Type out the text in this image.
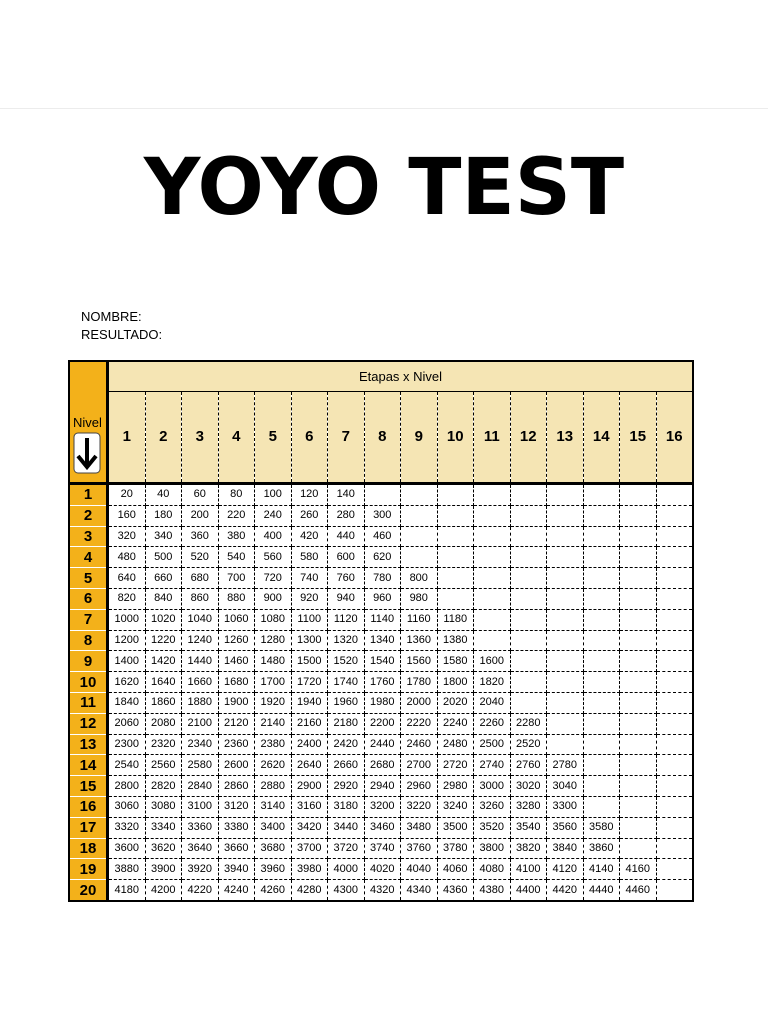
YOYO TEST
NOMBRE:
RESULTADO:
Nivel	Etapas x Nivel															
	1	2	3	4	5	6	7	8	9	10	11	12	13	14	15	16
1	20	40	60	80	100	120	140									
2	160	180	200	220	240	260	280	300								
3	320	340	360	380	400	420	440	460								
4	480	500	520	540	560	580	600	620								
5	640	660	680	700	720	740	760	780	800							
6	820	840	860	880	900	920	940	960	980							
7	1000	1020	1040	1060	1080	1100	1120	1140	1160	1180						
8	1200	1220	1240	1260	1280	1300	1320	1340	1360	1380						
9	1400	1420	1440	1460	1480	1500	1520	1540	1560	1580	1600					
10	1620	1640	1660	1680	1700	1720	1740	1760	1780	1800	1820					
11	1840	1860	1880	1900	1920	1940	1960	1980	2000	2020	2040					
12	2060	2080	2100	2120	2140	2160	2180	2200	2220	2240	2260	2280				
13	2300	2320	2340	2360	2380	2400	2420	2440	2460	2480	2500	2520				
14	2540	2560	2580	2600	2620	2640	2660	2680	2700	2720	2740	2760	2780			
15	2800	2820	2840	2860	2880	2900	2920	2940	2960	2980	3000	3020	3040			
16	3060	3080	3100	3120	3140	3160	3180	3200	3220	3240	3260	3280	3300			
17	3320	3340	3360	3380	3400	3420	3440	3460	3480	3500	3520	3540	3560	3580		
18	3600	3620	3640	3660	3680	3700	3720	3740	3760	3780	3800	3820	3840	3860		
19	3880	3900	3920	3940	3960	3980	4000	4020	4040	4060	4080	4100	4120	4140	4160	
20	4180	4200	4220	4240	4260	4280	4300	4320	4340	4360	4380	4400	4420	4440	4460	
